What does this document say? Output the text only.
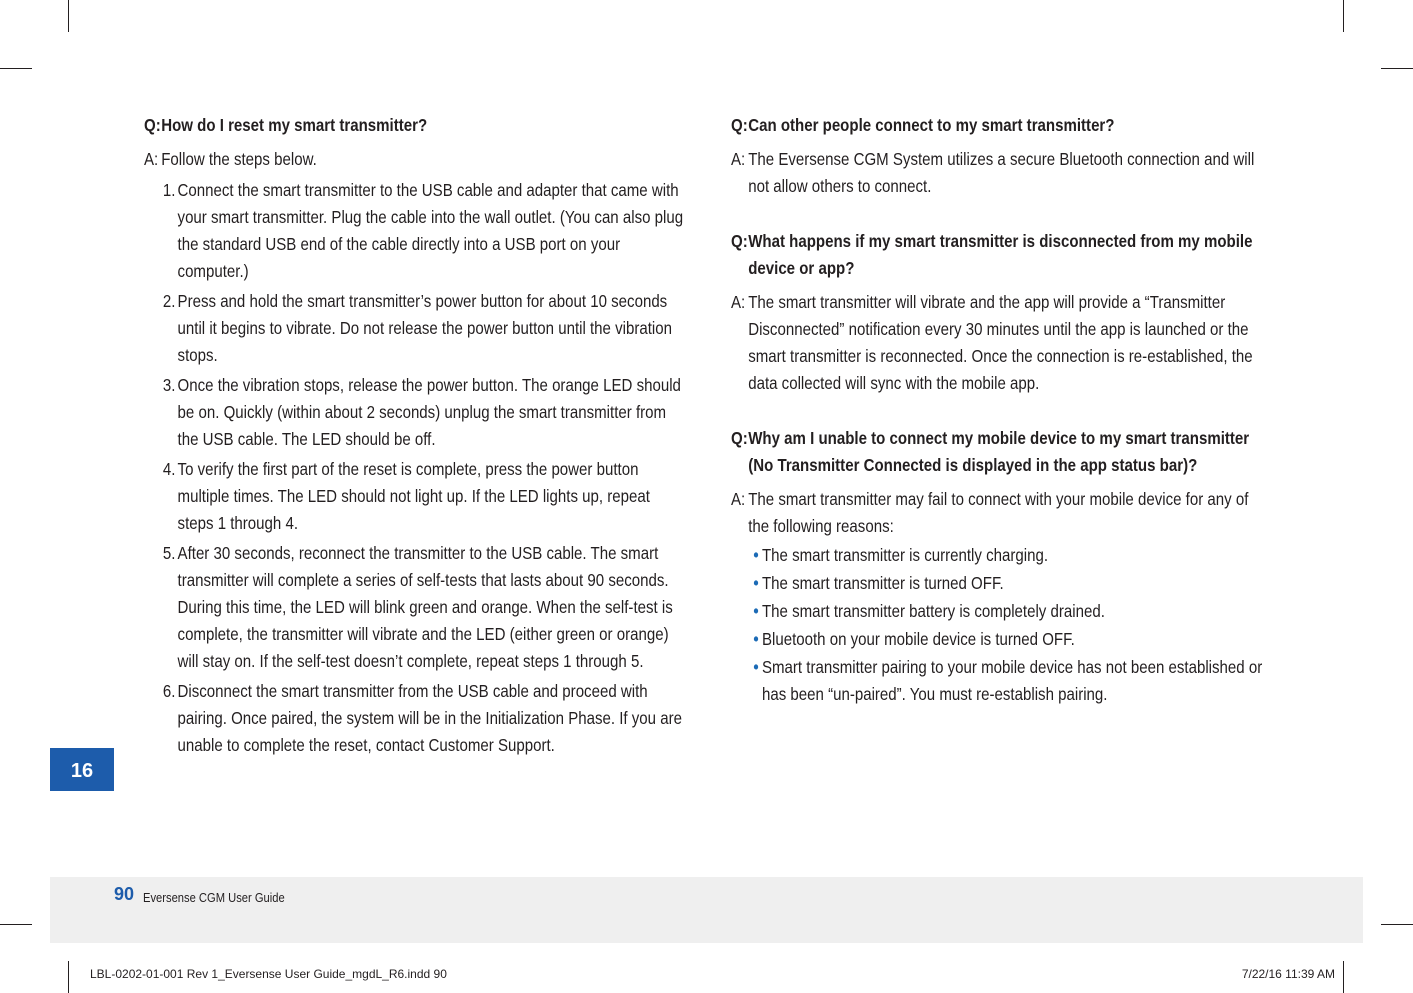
Q: How do I reset my smart transmitter?
A: Follow the steps below.
1. Connect the smart transmitter to the USB cable and adapter that came with your smart transmitter. Plug the cable into the wall outlet. (You can also plug the standard USB end of the cable directly into a USB port on your computer.)
2. Press and hold the smart transmitter’s power button for about 10 seconds until it begins to vibrate. Do not release the power button until the vibration stops.
3. Once the vibration stops, release the power button. The orange LED should be on. Quickly (within about 2 seconds) unplug the smart transmitter from the USB cable. The LED should be off.
4. To verify the first part of the reset is complete, press the power button multiple times. The LED should not light up. If the LED lights up, repeat steps 1 through 4.
5. After 30 seconds, reconnect the transmitter to the USB cable. The smart transmitter will complete a series of self-tests that lasts about 90 seconds. During this time, the LED will blink green and orange. When the self-test is complete, the transmitter will vibrate and the LED (either green or orange) will stay on. If the self-test doesn’t complete, repeat steps 1 through 5.
6. Disconnect the smart transmitter from the USB cable and proceed with pairing. Once paired, the system will be in the Initialization Phase. If you are unable to complete the reset, contact Customer Support.
Q: Can other people connect to my smart transmitter?
A: The Eversense CGM System utilizes a secure Bluetooth connection and will not allow others to connect.
Q: What happens if my smart transmitter is disconnected from my mobile device or app?
A: The smart transmitter will vibrate and the app will provide a “Transmitter Disconnected” notification every 30 minutes until the app is launched or the smart transmitter is reconnected. Once the connection is re-established, the data collected will sync with the mobile app.
Q: Why am I unable to connect my mobile device to my smart transmitter (No Transmitter Connected is displayed in the app status bar)?
A: The smart transmitter may fail to connect with your mobile device for any of the following reasons:
• The smart transmitter is currently charging.
• The smart transmitter is turned OFF.
• The smart transmitter battery is completely drained.
• Bluetooth on your mobile device is turned OFF.
• Smart transmitter pairing to your mobile device has not been established or has been “un-paired”. You must re-establish pairing.
16
90 Eversense CGM User Guide
LBL-0202-01-001 Rev 1_Eversense User Guide_mgdL_R6.indd 90	7/22/16 11:39 AM
